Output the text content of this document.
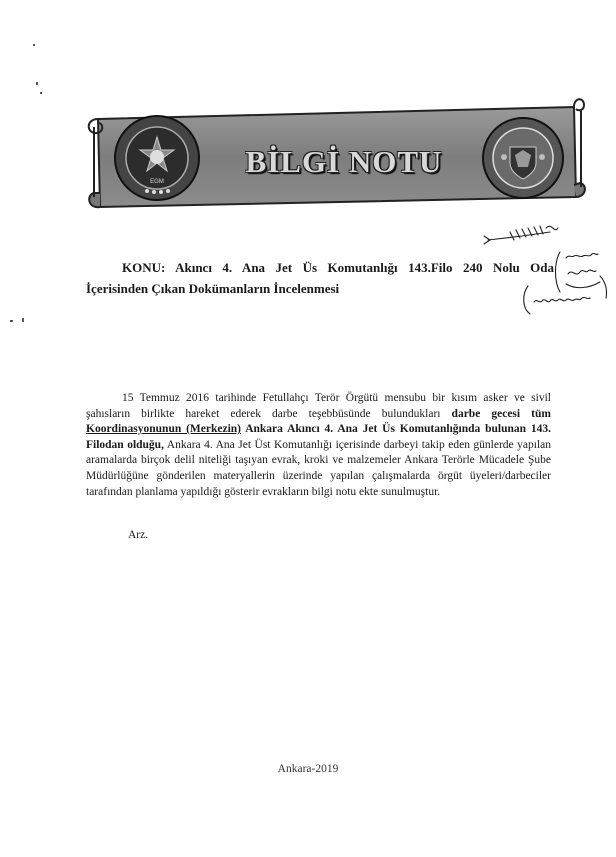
EGM
BİLGİ NOTU
KONU: Akıncı 4. Ana Jet Üs Komutanlığı 143.Filo 240 Nolu Oda
İçerisinden Çıkan Dokümanların İncelenmesi

15 Temmuz 2016 tarihinde Fetullahçı Terör Örgütü mensubu bir kısım asker ve sivil şahısların birlikte hareket ederek darbe teşebbüsünde bulundukları darbe gecesi tüm Koordinasyonunun (Merkezin) Ankara Akıncı 4. Ana Jet Üs Komutanlığında bulunan 143. Filodan olduğu, Ankara 4. Ana Jet Üst Komutanlığı içerisinde darbeyi takip eden günlerde yapılan aramalarda birçok delil niteliği taşıyan evrak, kroki ve malzemeler Ankara Terörle Mücadele Şube Müdürlüğüne gönderilen materyallerin üzerinde yapılan çalışmalarda örgüt üyeleri/darbeciler tarafından planlama yapıldığı gösterir evrakların bilgi notu ekte sunulmuştur.

Arz.
Ankara-2019
